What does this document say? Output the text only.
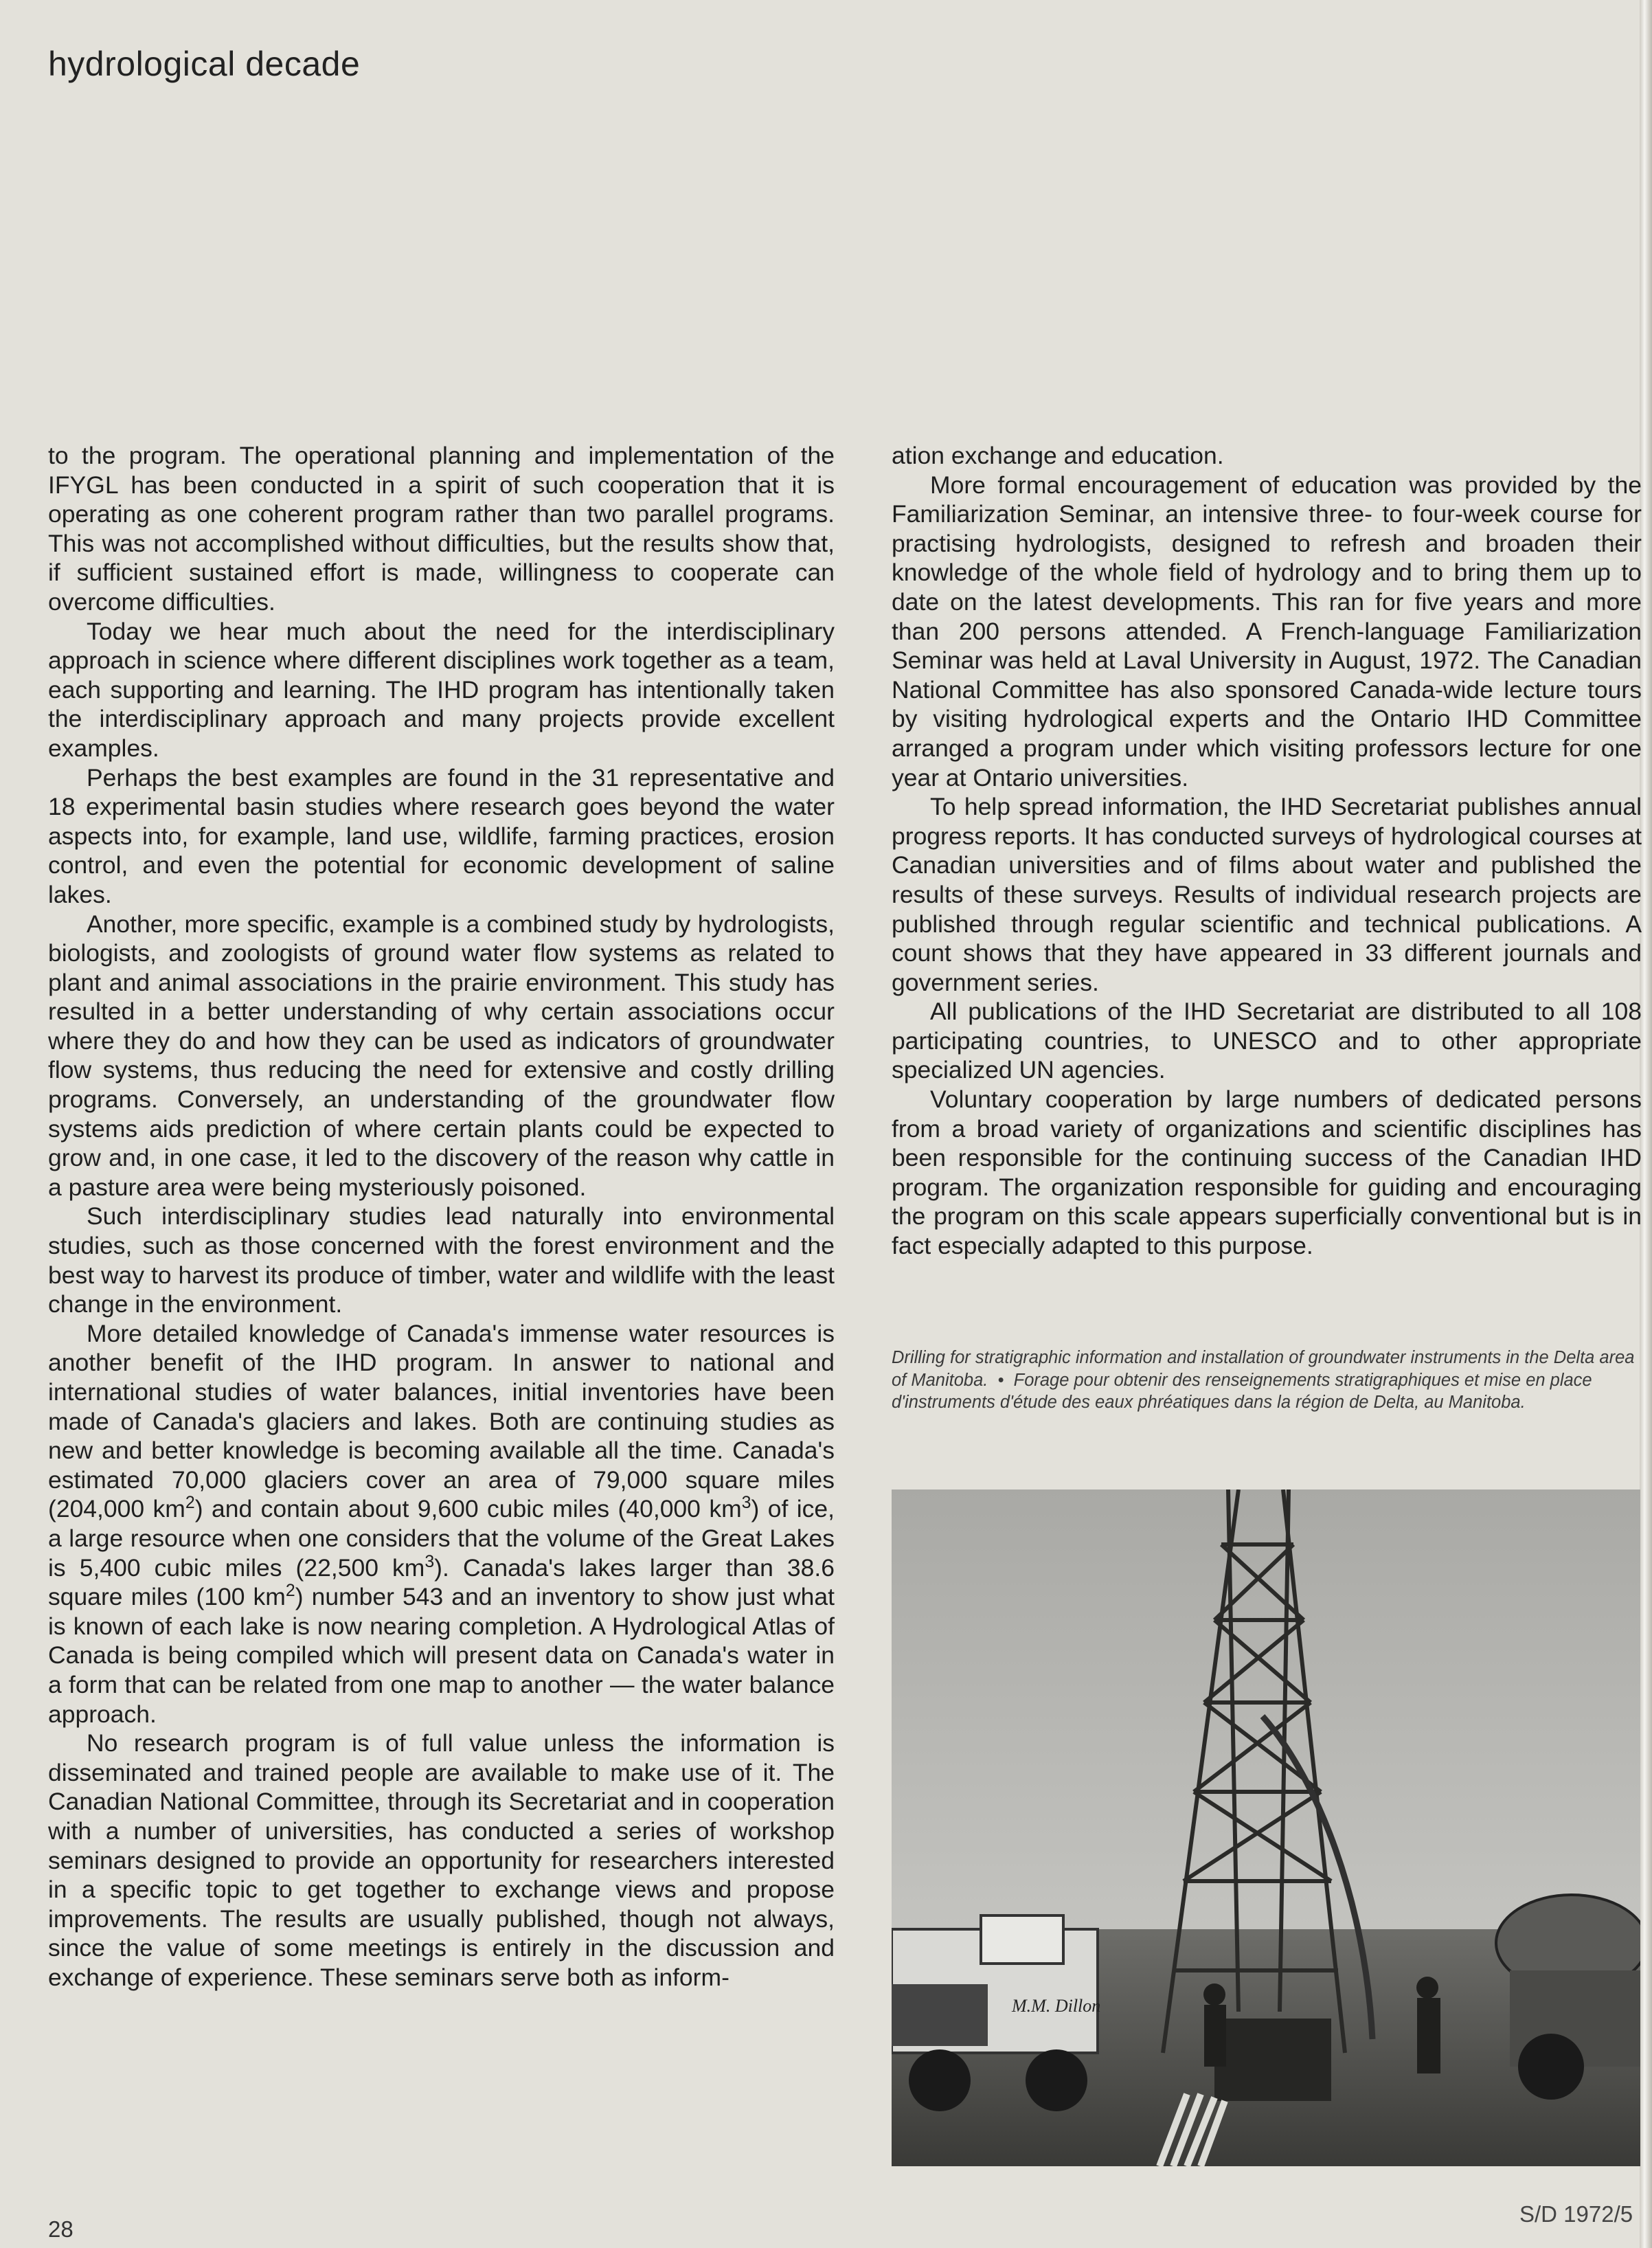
hydrological decade

to the program. The operational planning and implementation of the IFYGL has been conducted in a spirit of such cooperation that it is operating as one coherent program rather than two parallel programs. This was not accomplished without difficulties, but the results show that, if sufficient sustained effort is made, willingness to cooperate can overcome difficulties.

Today we hear much about the need for the interdisciplinary approach in science where different disciplines work together as a team, each supporting and learning. The IHD program has intentionally taken the interdisciplinary approach and many projects provide excellent examples.

Perhaps the best examples are found in the 31 representative and 18 experimental basin studies where research goes beyond the water aspects into, for example, land use, wildlife, farming practices, erosion control, and even the potential for economic development of saline lakes.

Another, more specific, example is a combined study by hydrologists, biologists, and zoologists of ground water flow systems as related to plant and animal associations in the prairie environment. This study has resulted in a better understanding of why certain associations occur where they do and how they can be used as indicators of groundwater flow systems, thus reducing the need for extensive and costly drilling programs. Conversely, an understanding of the groundwater flow systems aids prediction of where certain plants could be expected to grow and, in one case, it led to the discovery of the reason why cattle in a pasture area were being mysteriously poisoned.

Such interdisciplinary studies lead naturally into environmental studies, such as those concerned with the forest environment and the best way to harvest its produce of timber, water and wildlife with the least change in the environment.

More detailed knowledge of Canada's immense water resources is another benefit of the IHD program. In answer to national and international studies of water balances, initial inventories have been made of Canada's glaciers and lakes. Both are continuing studies as new and better knowledge is becoming available all the time. Canada's estimated 70,000 glaciers cover an area of 79,000 square miles (204,000 $km^2$) and contain about 9,600 cubic miles (40,000 $km^3$) of ice, a large resource when one considers that the volume of the Great Lakes is 5,400 cubic miles (22,500 $km^3$). Canada's lakes larger than 38.6 square miles (100 $km^2$) number 543 and an inventory to show just what is known of each lake is now nearing completion. A Hydrological Atlas of Canada is being compiled which will present data on Canada's water in a form that can be related from one map to another — the water balance approach.

No research program is of full value unless the information is disseminated and trained people are available to make use of it. The Canadian National Committee, through its Secretariat and in cooperation with a number of universities, has conducted a series of workshop seminars designed to provide an opportunity for researchers interested in a specific topic to get together to exchange views and propose improvements. The results are usually published, though not always, since the value of some meetings is entirely in the discussion and exchange of experience. These seminars serve both as inform-

ation exchange and education.

More formal encouragement of education was provided by the Familiarization Seminar, an intensive three- to four-week course for practising hydrologists, designed to refresh and broaden their knowledge of the whole field of hydrology and to bring them up to date on the latest developments. This ran for five years and more than 200 persons attended. A French-language Familiarization Seminar was held at Laval University in August, 1972. The Canadian National Committee has also sponsored Canada-wide lecture tours by visiting hydrological experts and the Ontario IHD Committee arranged a program under which visiting professors lecture for one year at Ontario universities.

To help spread information, the IHD Secretariat publishes annual progress reports. It has conducted surveys of hydrological courses at Canadian universities and of films about water and published the results of these surveys. Results of individual research projects are published through regular scientific and technical publications. A count shows that they have appeared in 33 different journals and government series.

All publications of the IHD Secretariat are distributed to all 108 participating countries, to UNESCO and to other appropriate specialized UN agencies.

Voluntary cooperation by large numbers of dedicated persons from a broad variety of organizations and scientific disciplines has been responsible for the continuing success of the Canadian IHD program. The organization responsible for guiding and encouraging the program on this scale appears superficially conventional but is in fact especially adapted to this purpose.

Drilling for stratigraphic information and installation of groundwater instruments in the Delta area of Manitoba. • Forage pour obtenir des renseignements stratigraphiques et mise en place d'instruments d'étude des eaux phréatiques dans la région de Delta, au Manitoba.
M.M. Dillon
28
S/D 1972/5
